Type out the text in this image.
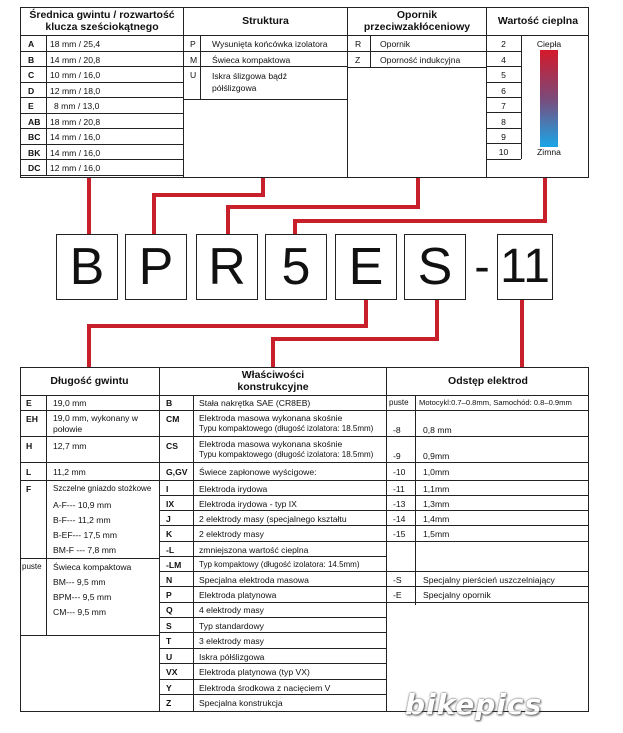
Średnica gwintu / rozwartość klucza sześciokątnego	Struktura	Opornik przeciwzakłóceniowy	Wartość cieplna
A 18 mm / 25,4
B 14 mm / 20,8
C 10 mm / 16,0
D 12 mm / 18,0
E 8 mm / 13,0
AB 18 mm / 20,8
BC 14 mm / 16,0
BK 14 mm / 16,0
DC 12 mm / 16,0
P Wysunięta końcówka izolatora
M Świeca kompaktowa
U Iskra ślizgowa bądź półślizgowa
R Opornik
Z Oporność indukcyjna
2
4
5
6
7
8
9
10
Ciepła
Zimna
B P R 5 E S - 11
Długość gwintu	Właściwości konstrukcyjne	Odstęp elektrod
E 19,0 mm
EH 19,0 mm, wykonany w połowie
H 12,7 mm
L	11,2 mm
F	Szczelne gniazdo stożkowe
A-F--- 10,9 mm
B-F--- 11,2 mm
B-EF--- 17,5 mm
BM-F --- 7,8 mm
puste Świeca kompaktowa
BM--- 9,5 mm
BPM--- 9,5 mm
CM--- 9,5 mm
B	Stała nakrętka SAE (CR8EB)
CM Elektroda masowa wykonana skośnie
Typu kompaktowego (długość izolatora: 18.5mm)
CS Elektroda masowa wykonana skośnie
Typu kompaktowego (długość izolatora: 18.5mm)
G,GV Świece zapłonowe wyścigowe:
I	Elektroda irydowa
IX	Elektroda irydowa - typ IX
J	2 elektrody masy (specjalnego kształtu
K	2 elektrody masy
-L	zmniejszona wartość cieplna
-LM Typ kompaktowy (długość izolatora: 14.5mm)
N	Specjalna elektroda masowa
P	Elektroda platynowa
Q	4 elektrody masy
S	Typ standardowy
T	3 elektrody masy
U	Iskra półślizgowa
VX	Elektroda platynowa (typ VX)
Y	Elektroda środkowa z nacięciem V
Z	Specjalna konstrukcja
puste Motocykl:0.7–0.8mm, Samochód: 0.8–0.9mm
-8	0,8 mm
-9	0,9mm
-10 1,0mm
-11 1,1mm
-13 1,3mm
-14 1,4mm
-15 1,5mm
-S Specjalny pierścień uszczelniający
-E Specjalny opornik
bikepics
